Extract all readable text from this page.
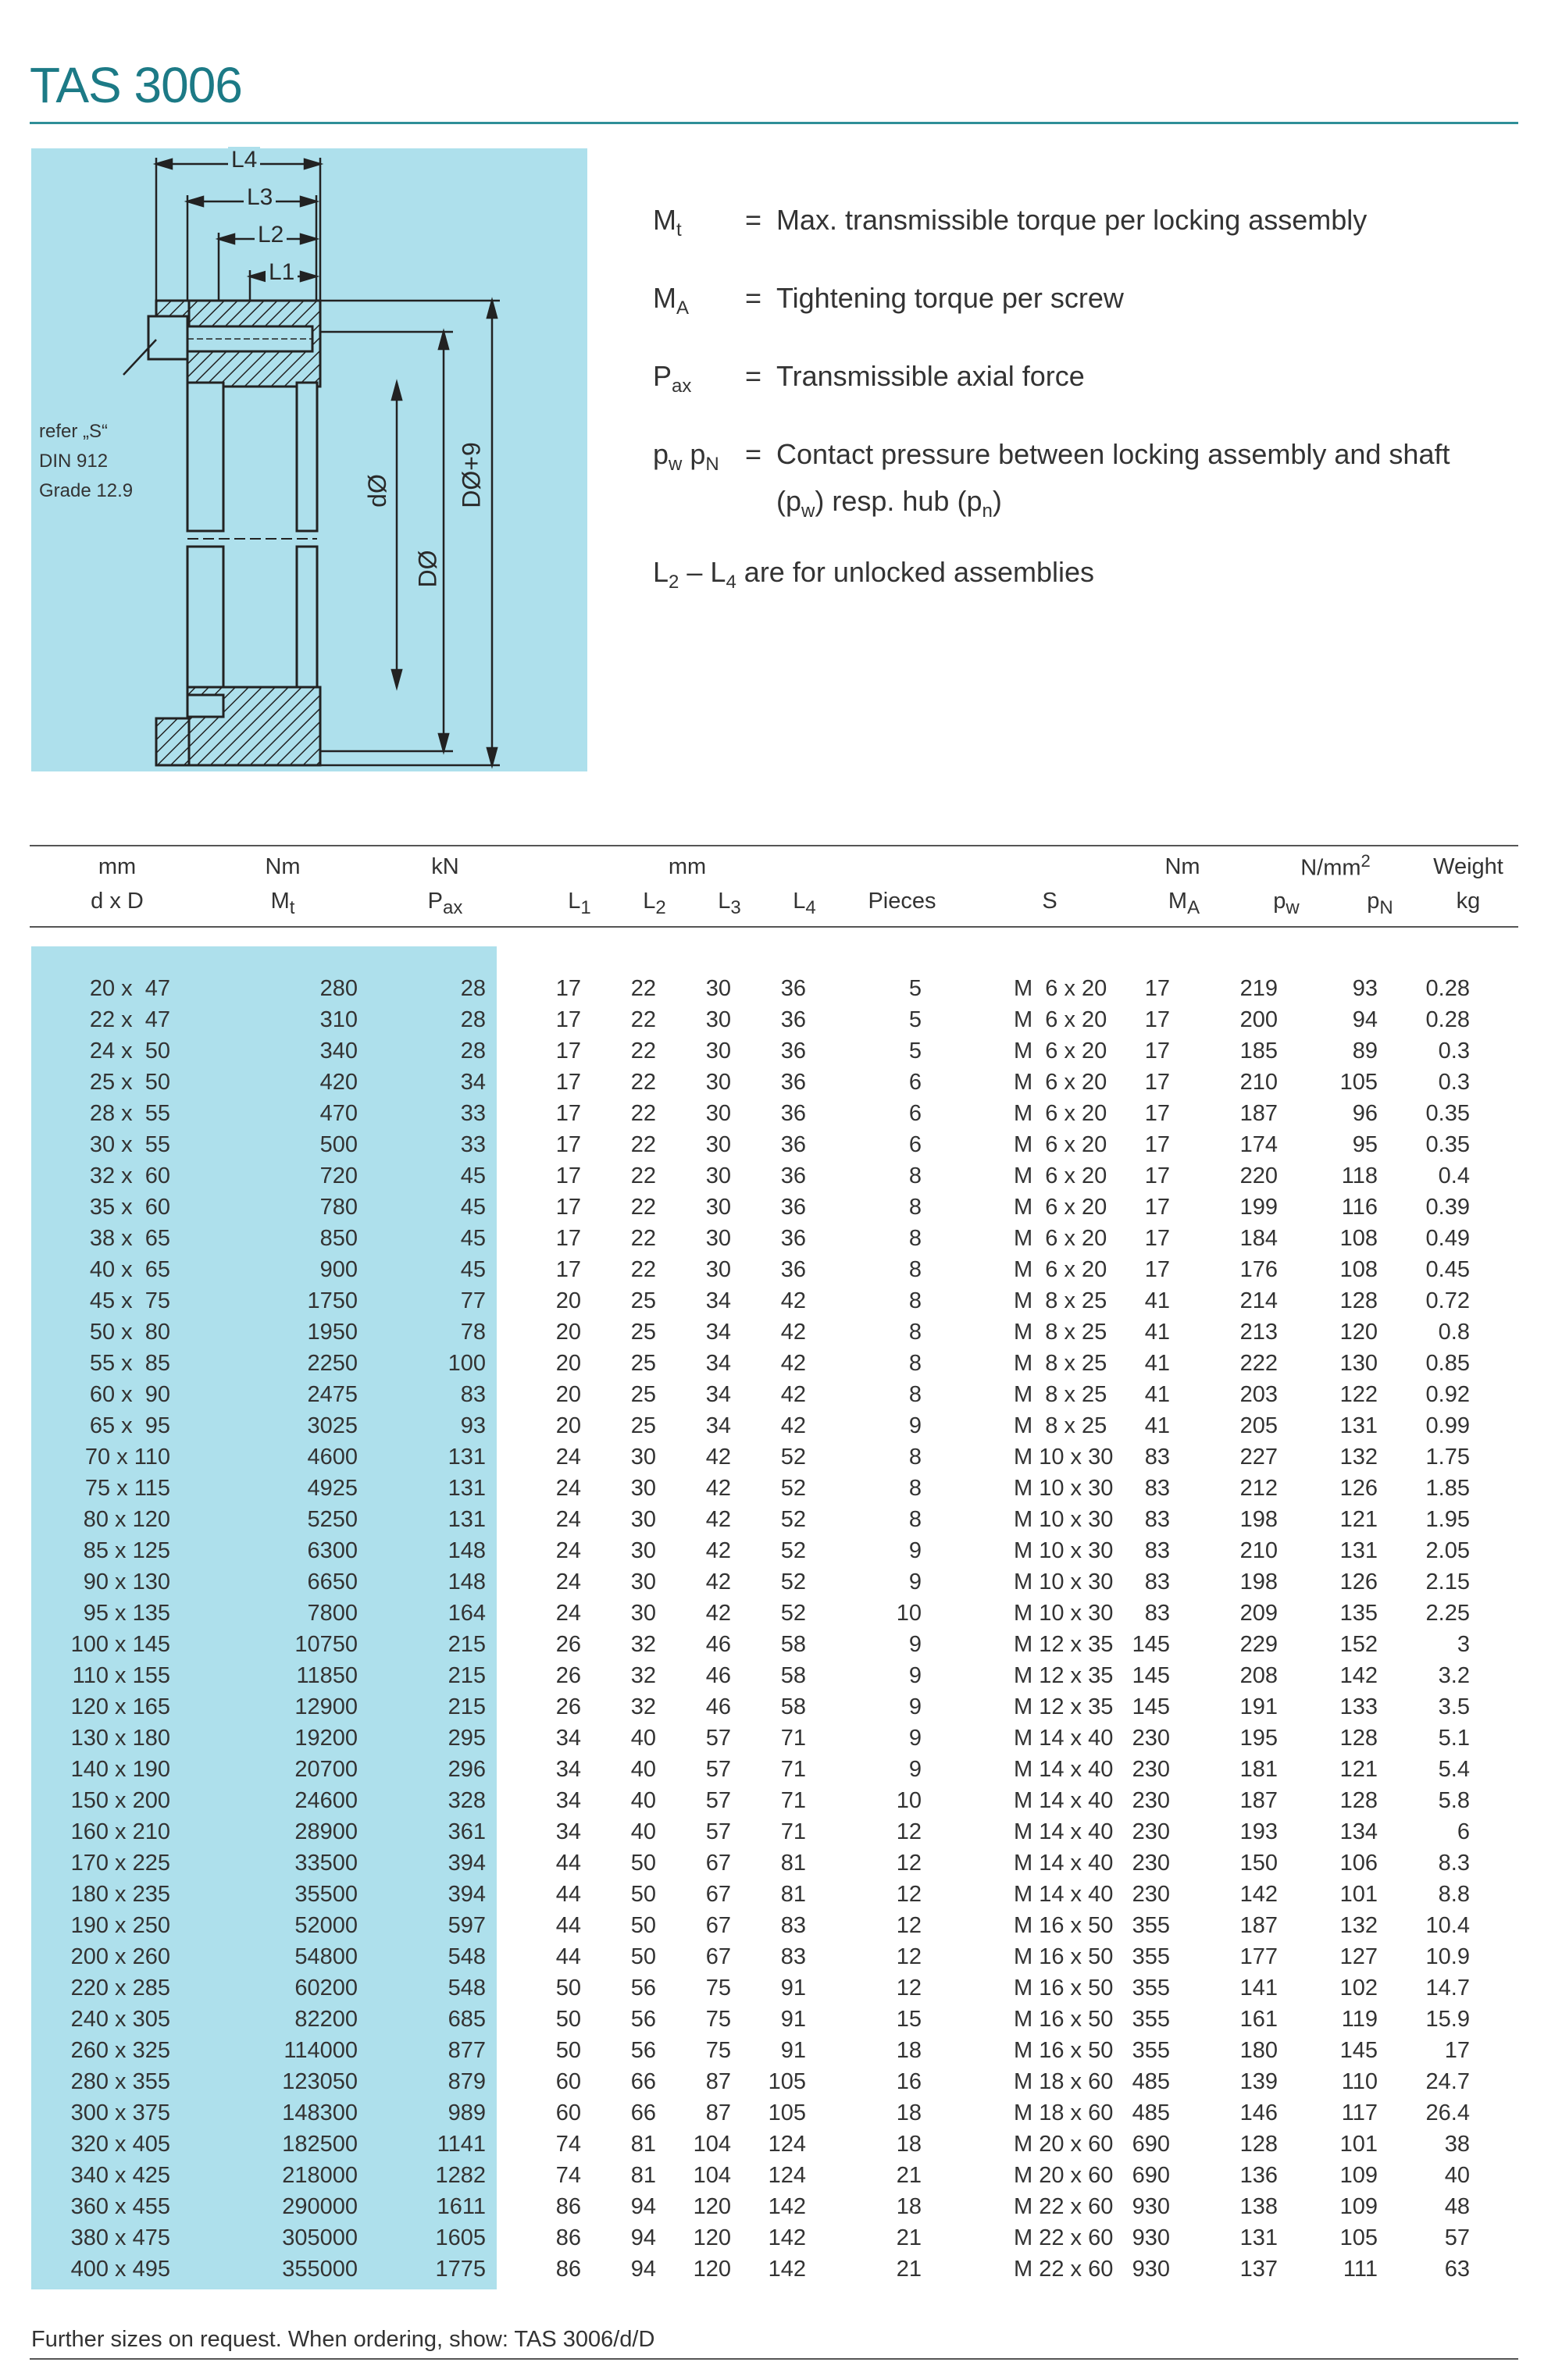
TAS 3006
L4
L3
L2
L1
refer „S“
DIN 912
Grade 12.9	dØ
DØ
DØ+9
$M_t$	= Max. transmissible torque per locking assembly
$M_A$	= Tightening torque per screw
$P_{ax}$	= Transmissible axial force
$p_w$ $p_N$ = Contact pressure between locking assembly and shaft
$(p_w)$ resp. hub $(p_n)$
$L_2 - L_4$ are for unlocked assemblies
mm	Nm	kN	mm	Nm	$N/mm^2$	Weight
d x D	$M_t$	$P_{ax}$	$L_1$	$L_2$	$L_3$	$L_4$	Pieces	S	$M_A$	$p_w$	$p_N$	kg
20 x  47	280	28	17	22	30	36	5	M  6 x 20	17	219	93	0.28
22 x  47	310	28	17	22	30	36	5	M  6 x 20	17	200	94	0.28
24 x  50	340	28	17	22	30	36	5	M  6 x 20	17	185	89	0.3
25 x  50	420	34	17	22	30	36	6	M  6 x 20	17	210	105	0.3
28 x  55	470	33	17	22	30	36	6	M  6 x 20	17	187	96	0.35
30 x  55	500	33	17	22	30	36	6	M  6 x 20	17	174	95	0.35
32 x  60	720	45	17	22	30	36	8	M  6 x 20	17	220	118	0.4
35 x  60	780	45	17	22	30	36	8	M  6 x 20	17	199	116	0.39
38 x  65	850	45	17	22	30	36	8	M  6 x 20	17	184	108	0.49
40 x  65	900	45	17	22	30	36	8	M  6 x 20	17	176	108	0.45
45 x  75	1750	77	20	25	34	42	8	M  8 x 25	41	214	128	0.72
50 x  80	1950	78	20	25	34	42	8	M  8 x 25	41	213	120	0.8
55 x  85	2250	100	20	25	34	42	8	M  8 x 25	41	222	130	0.85
60 x  90	2475	83	20	25	34	42	8	M  8 x 25	41	203	122	0.92
65 x  95	3025	93	20	25	34	42	9	M  8 x 25	41	205	131	0.99
70 x 110	4600	131	24	30	42	52	8	M 10 x 30	83	227	132	1.75
75 x 115	4925	131	24	30	42	52	8	M 10 x 30	83	212	126	1.85
80 x 120	5250	131	24	30	42	52	8	M 10 x 30	83	198	121	1.95
85 x 125	6300	148	24	30	42	52	9	M 10 x 30	83	210	131	2.05
90 x 130	6650	148	24	30	42	52	9	M 10 x 30	83	198	126	2.15
95 x 135	7800	164	24	30	42	52	10	M 10 x 30	83	209	135	2.25
100 x 145	10750	215	26	32	46	58	9	M 12 x 35	145	229	152	3
110 x 155	11850	215	26	32	46	58	9	M 12 x 35	145	208	142	3.2
120 x 165	12900	215	26	32	46	58	9	M 12 x 35	145	191	133	3.5
130 x 180	19200	295	34	40	57	71	9	M 14 x 40	230	195	128	5.1
140 x 190	20700	296	34	40	57	71	9	M 14 x 40	230	181	121	5.4
150 x 200	24600	328	34	40	57	71	10	M 14 x 40	230	187	128	5.8
160 x 210	28900	361	34	40	57	71	12	M 14 x 40	230	193	134	6
170 x 225	33500	394	44	50	67	81	12	M 14 x 40	230	150	106	8.3
180 x 235	35500	394	44	50	67	81	12	M 14 x 40	230	142	101	8.8
190 x 250	52000	597	44	50	67	83	12	M 16 x 50	355	187	132	10.4
200 x 260	54800	548	44	50	67	83	12	M 16 x 50	355	177	127	10.9
220 x 285	60200	548	50	56	75	91	12	M 16 x 50	355	141	102	14.7
240 x 305	82200	685	50	56	75	91	15	M 16 x 50	355	161	119	15.9
260 x 325	114000	877	50	56	75	91	18	M 16 x 50	355	180	145	17
280 x 355	123050	879	60	66	87	105	16	M 18 x 60	485	139	110	24.7
300 x 375	148300	989	60	66	87	105	18	M 18 x 60	485	146	117	26.4
320 x 405	182500	1141	74	81	104	124	18	M 20 x 60	690	128	101	38
340 x 425	218000	1282	74	81	104	124	21	M 20 x 60	690	136	109	40
360 x 455	290000	1611	86	94	120	142	18	M 22 x 60	930	138	109	48
380 x 475	305000	1605	86	94	120	142	21	M 22 x 60	930	131	105	57
400 x 495	355000	1775	86	94	120	142	21	M 22 x 60	930	137	111	63
Further sizes on request. When ordering, show: TAS 3006/d/D
